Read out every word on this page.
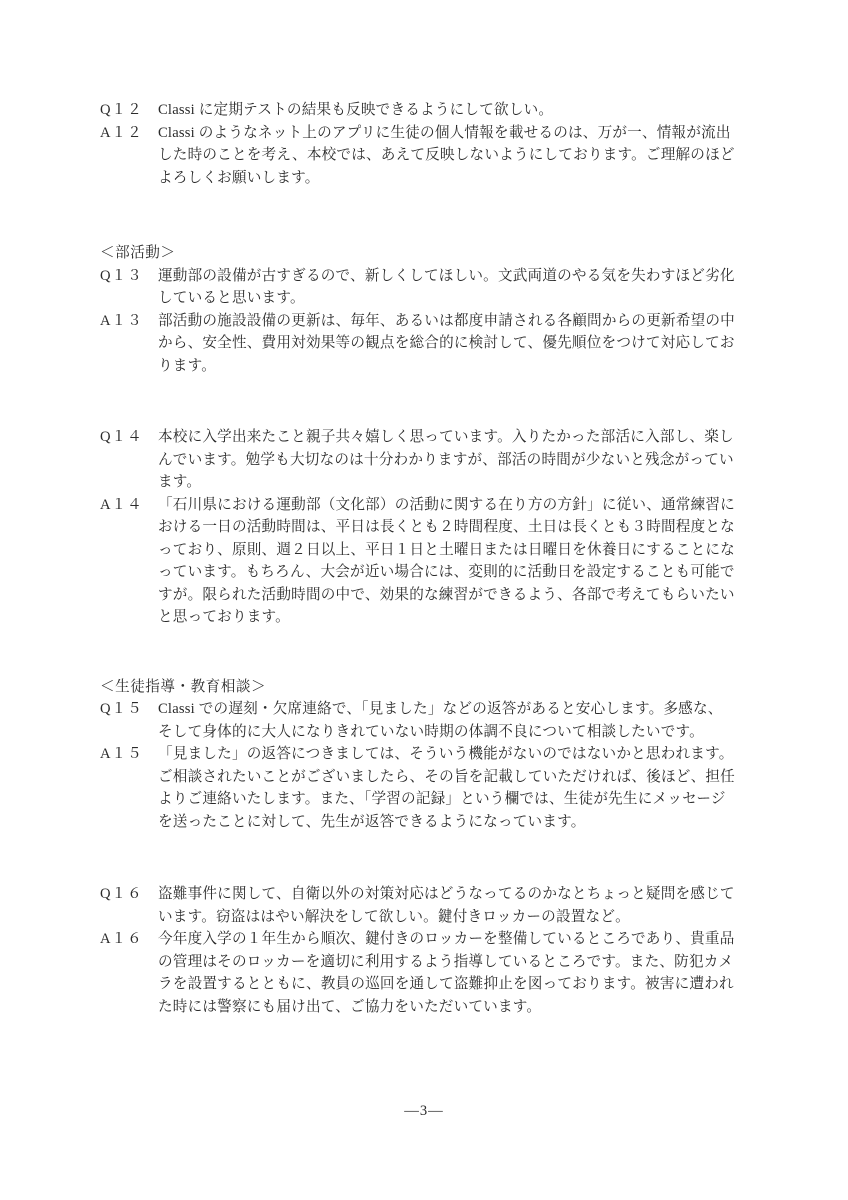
Q１２	Classi に定期テストの結果も反映できるようにして欲しい。
A１２	Classi のようなネット上のアプリに生徒の個人情報を載せるのは、万が一、情報が流出
した時のことを考え、本校では、あえて反映しないようにしております。ご理解のほど
よろしくお願いします。
＜部活動＞
Q１３	運動部の設備が古すぎるので、新しくしてほしい。文武両道のやる気を失わすほど劣化
していると思います。
A１３	部活動の施設設備の更新は、毎年、あるいは都度申請される各顧問からの更新希望の中
から、安全性、費用対効果等の観点を総合的に検討して、優先順位をつけて対応してお
ります。
Q１４	本校に入学出来たこと親子共々嬉しく思っています。入りたかった部活に入部し、楽し
んでいます。勉学も大切なのは十分わかりますが、部活の時間が少ないと残念がってい
ます。
A１４	「石川県における運動部（文化部）の活動に関する在り方の方針」に従い、通常練習に
おける一日の活動時間は、平日は長くとも２時間程度、土日は長くとも３時間程度とな
っており、原則、週２日以上、平日１日と土曜日または日曜日を休養日にすることにな
っています。もちろん、大会が近い場合には、変則的に活動日を設定することも可能で
すが。限られた活動時間の中で、効果的な練習ができるよう、各部で考えてもらいたい
と思っております。
＜生徒指導・教育相談＞
Q１５	Classi での遅刻・欠席連絡で、「見ました」などの返答があると安心します。多感な、
そして身体的に大人になりきれていない時期の体調不良について相談したいです。
A１５	「見ました」の返答につきましては、そういう機能がないのではないかと思われます。
ご相談されたいことがございましたら、その旨を記載していただければ、後ほど、担任
よりご連絡いたします。また、「学習の記録」という欄では、生徒が先生にメッセージ
を送ったことに対して、先生が返答できるようになっています。
Q１６	盗難事件に関して、自衛以外の対策対応はどうなってるのかなとちょっと疑問を感じて
います。窃盗ははやい解決をして欲しい。鍵付きロッカーの設置など。
A１６	今年度入学の１年生から順次、鍵付きのロッカーを整備しているところであり、貴重品
の管理はそのロッカーを適切に利用するよう指導しているところです。また、防犯カメ
ラを設置するとともに、教員の巡回を通して盗難抑止を図っております。被害に遭われ
た時には警察にも届け出て、ご協力をいただいています。
—3—
